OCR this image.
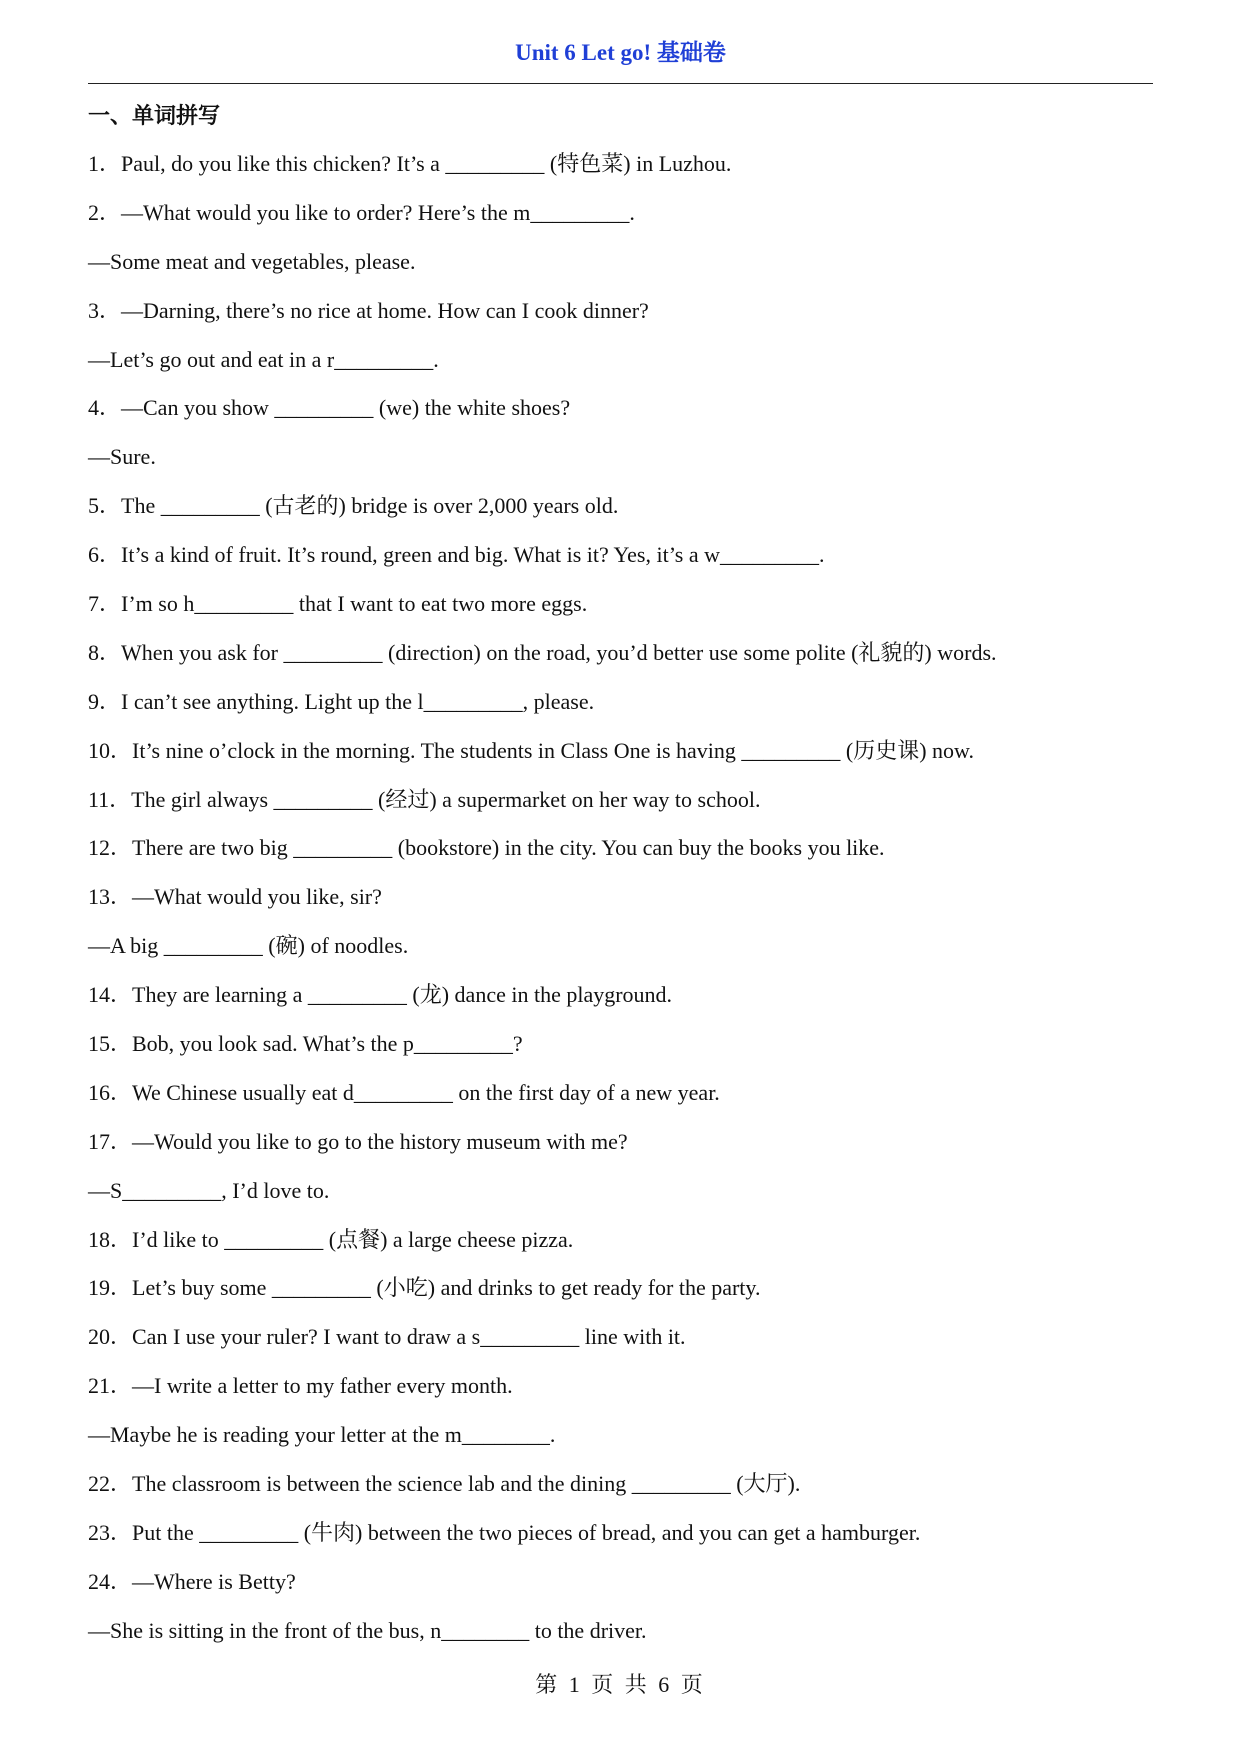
Unit 6 Let go! 基础卷
一、单词拼写
1．Paul, do you like this chicken? It’s a _________ (特色菜) in Luzhou.
2．—What would you like to order? Here’s the m_________.
—Some meat and vegetables, please.
3．—Darning, there’s no rice at home. How can I cook dinner?
—Let’s go out and eat in a r_________.
4．—Can you show _________ (we) the white shoes?
—Sure.
5．The _________ (古老的) bridge is over 2,000 years old.
6．It’s a kind of fruit. It’s round, green and big. What is it? Yes, it’s a w_________.
7．I’m so h_________ that I want to eat two more eggs.
8．When you ask for _________ (direction) on the road, you’d better use some polite (礼貌的) words.
9．I can’t see anything. Light up the l_________, please.
10．It’s nine o’clock in the morning. The students in Class One is having _________ (历史课) now.
11．The girl always _________ (经过) a supermarket on her way to school.
12．There are two big _________ (bookstore) in the city. You can buy the books you like.
13．—What would you like, sir?
—A big _________ (碗) of noodles.
14．They are learning a _________ (龙) dance in the playground.
15．Bob, you look sad. What’s the p_________?
16．We Chinese usually eat d_________ on the first day of a new year.
17．—Would you like to go to the history museum with me?
—S_________, I’d love to.
18．I’d like to _________ (点餐) a large cheese pizza.
19．Let’s buy some _________ (小吃) and drinks to get ready for the party.
20．Can I use your ruler? I want to draw a s_________ line with it.
21．—I write a letter to my father every month.
—Maybe he is reading your letter at the m________.
22．The classroom is between the science lab and the dining _________ (大厅).
23．Put the _________ (牛肉) between the two pieces of bread, and you can get a hamburger.
24．—Where is Betty?
—She is sitting in the front of the bus, n________ to the driver.
第 1 页 共 6 页
